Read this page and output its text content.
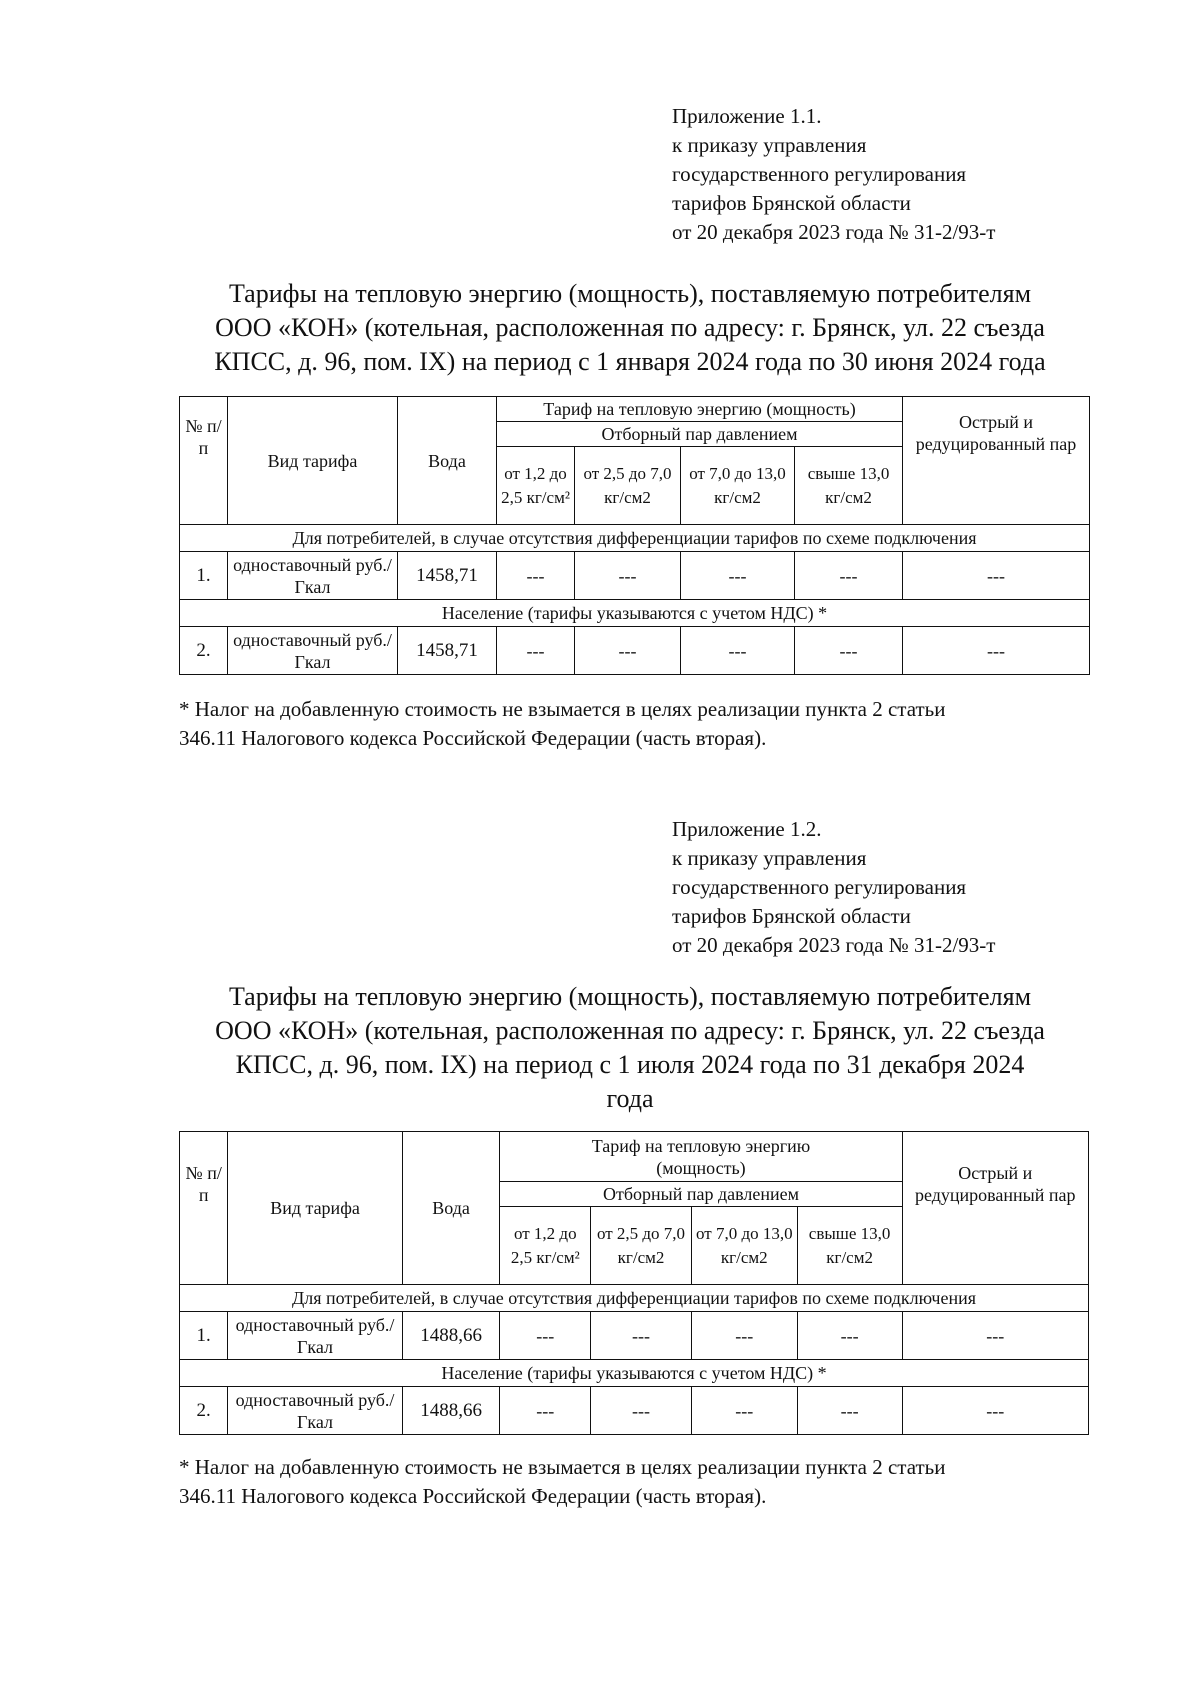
Приложение 1.1.
к приказу управления
государственного регулирования
тарифов Брянской области
от 20 декабря 2023 года № 31-2/93-т
Тарифы на тепловую энергию (мощность), поставляемую потребителям
ООО «КОН» (котельная, расположенная по адресу: г. Брянск, ул. 22 съезда
КПСС, д. 96, пом. IX) на период с 1 января 2024 года по 30 июня 2024 года
№ п/ п	Вид тарифа	Вода	Тариф на тепловую энергию (мощность)				Острый и редуцированный пар
			Отборный пар давлением				
			от 1,2 до 2,5 кг/см²	от 2,5 до 7,0 кг/см2	от 7,0 до 13,0 кг/см2	свыше 13,0 кг/см2	
Для потребителей, в случае отсутствия дифференциации тарифов по схеме подключения							
1.	одноставочный руб./Гкал	1458,71	---	---	---	---	---
Население (тарифы указываются с учетом НДС) *							
2.	одноставочный руб./Гкал	1458,71	---	---	---	---	---
* Налог на добавленную стоимость не взымается в целях реализации пункта 2 статьи
346.11 Налогового кодекса Российской Федерации (часть вторая).
Приложение 1.2.
к приказу управления
государственного регулирования
тарифов Брянской области
от 20 декабря 2023 года № 31-2/93-т
Тарифы на тепловую энергию (мощность), поставляемую потребителям
ООО «КОН» (котельная, расположенная по адресу: г. Брянск, ул. 22 съезда
КПСС, д. 96, пом. IX) на период с 1 июля 2024 года по 31 декабря 2024
года
№ п/ п	Вид тарифа	Вода	Тариф на тепловую энергию (мощность)				Острый и редуцированный пар
			Отборный пар давлением				
			от 1,2 до 2,5 кг/см²	от 2,5 до 7,0 кг/см2	от 7,0 до 13,0 кг/см2	свыше 13,0 кг/см2	
Для потребителей, в случае отсутствия дифференциации тарифов по схеме подключения							
1.	одноставочный руб./Гкал	1488,66	---	---	---	---	---
Население (тарифы указываются с учетом НДС) *							
2.	одноставочный руб./Гкал	1488,66	---	---	---	---	---
* Налог на добавленную стоимость не взымается в целях реализации пункта 2 статьи
346.11 Налогового кодекса Российской Федерации (часть вторая).
